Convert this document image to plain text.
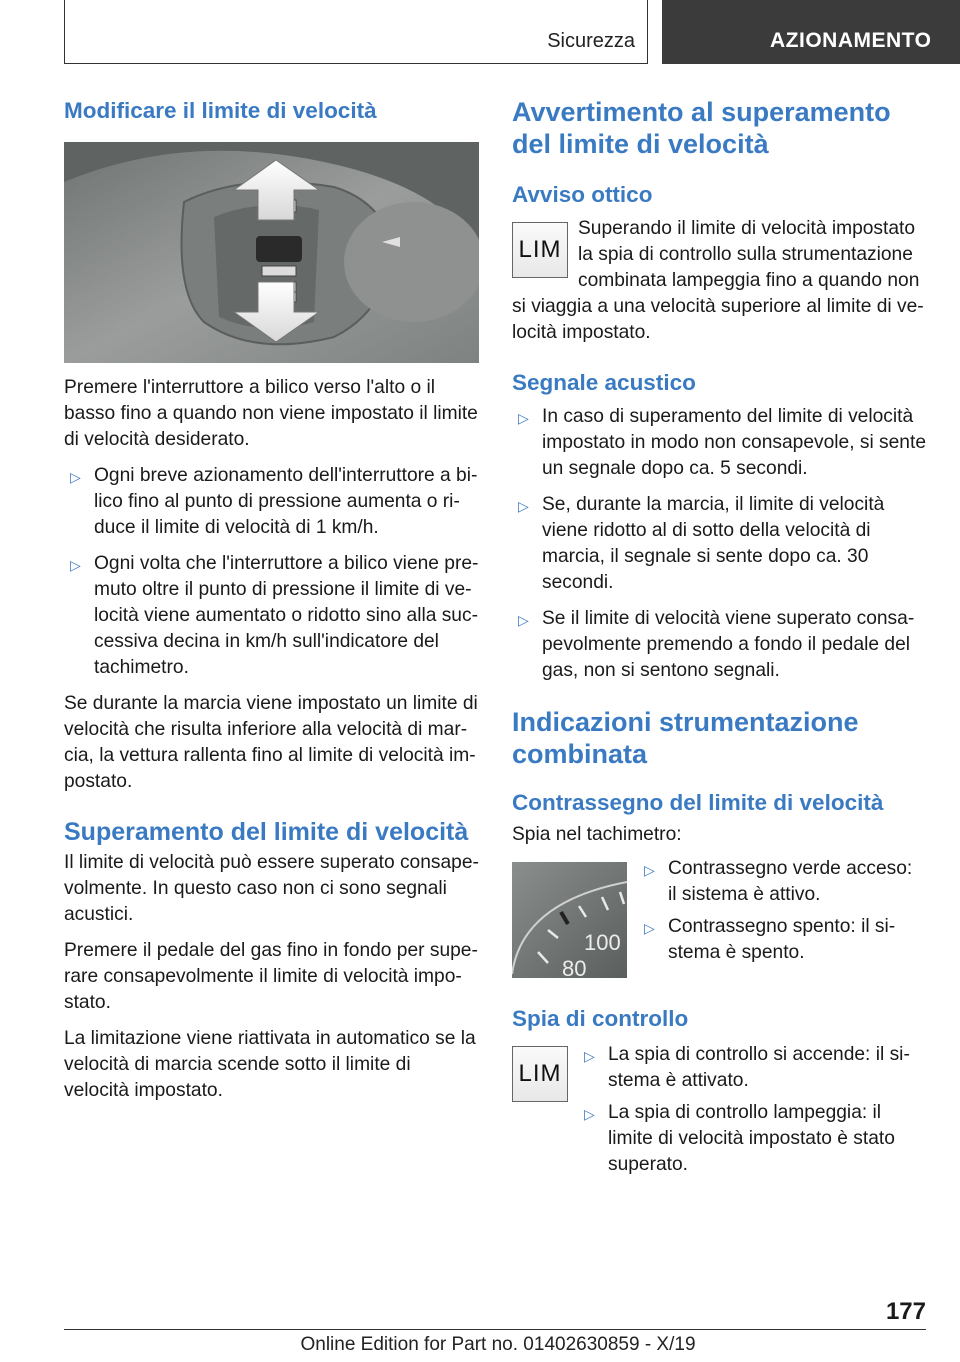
Sicurezza	AZIONAMENTO
Modificare il limite di velocità

Premere l'interruttore a bilico verso l'alto o il basso fino a quando non viene impostato il limite di velocità desiderato.

▷ Ogni breve azionamento dell'interruttore a bilico fino al punto di pressione aumenta o riduce il limite di velocità di 1 km/h.
▷ Ogni volta che l'interruttore a bilico viene premuto oltre il punto di pressione il limite di velocità viene aumentato o ridotto sino alla successiva decina in km/h sull'indicatore del tachimetro.

Se durante la marcia viene impostato un limite di velocità che risulta inferiore alla velocità di marcia, la vettura rallenta fino al limite di velocità impostato.

Superamento del limite di velocità

Il limite di velocità può essere superato consapevolmente. In questo caso non ci sono segnali acustici.

Premere il pedale del gas fino in fondo per superare consapevolmente il limite di velocità impostato.

La limitazione viene riattivata in automatico se la velocità di marcia scende sotto il limite di velocità impostato.

Avvertimento al superamento del limite di velocità
Avviso ottico
LIM

Superando il limite di velocità impostato la spia di controllo sulla strumentazione combinata lampeggia fino a quando non si viaggia a una velocità superiore al limite di velocità impostato.

Segnale acustico
▷ In caso di superamento del limite di velocità impostato in modo non consapevole, si sente un segnale dopo ca. 5 secondi.
▷ Se, durante la marcia, il limite di velocità viene ridotto al di sotto della velocità di marcia, il segnale si sente dopo ca. 30 secondi.
▷ Se il limite di velocità viene superato consapevolmente premendo a fondo il pedale del gas, non si sentono segnali.
Indicazioni strumentazione combinata
Contrassegno del limite di velocità

Spia nel tachimetro:

100
80
▷ Contrassegno verde acceso: il sistema è attivo.
▷ Contrassegno spento: il sistema è spento.
Spia di controllo
LIM
▷ La spia di controllo si accende: il sistema è attivato.
▷ La spia di controllo lampeggia: il limite di velocità impostato è stato superato.
177
Online Edition for Part no. 01402630859 - X/19
